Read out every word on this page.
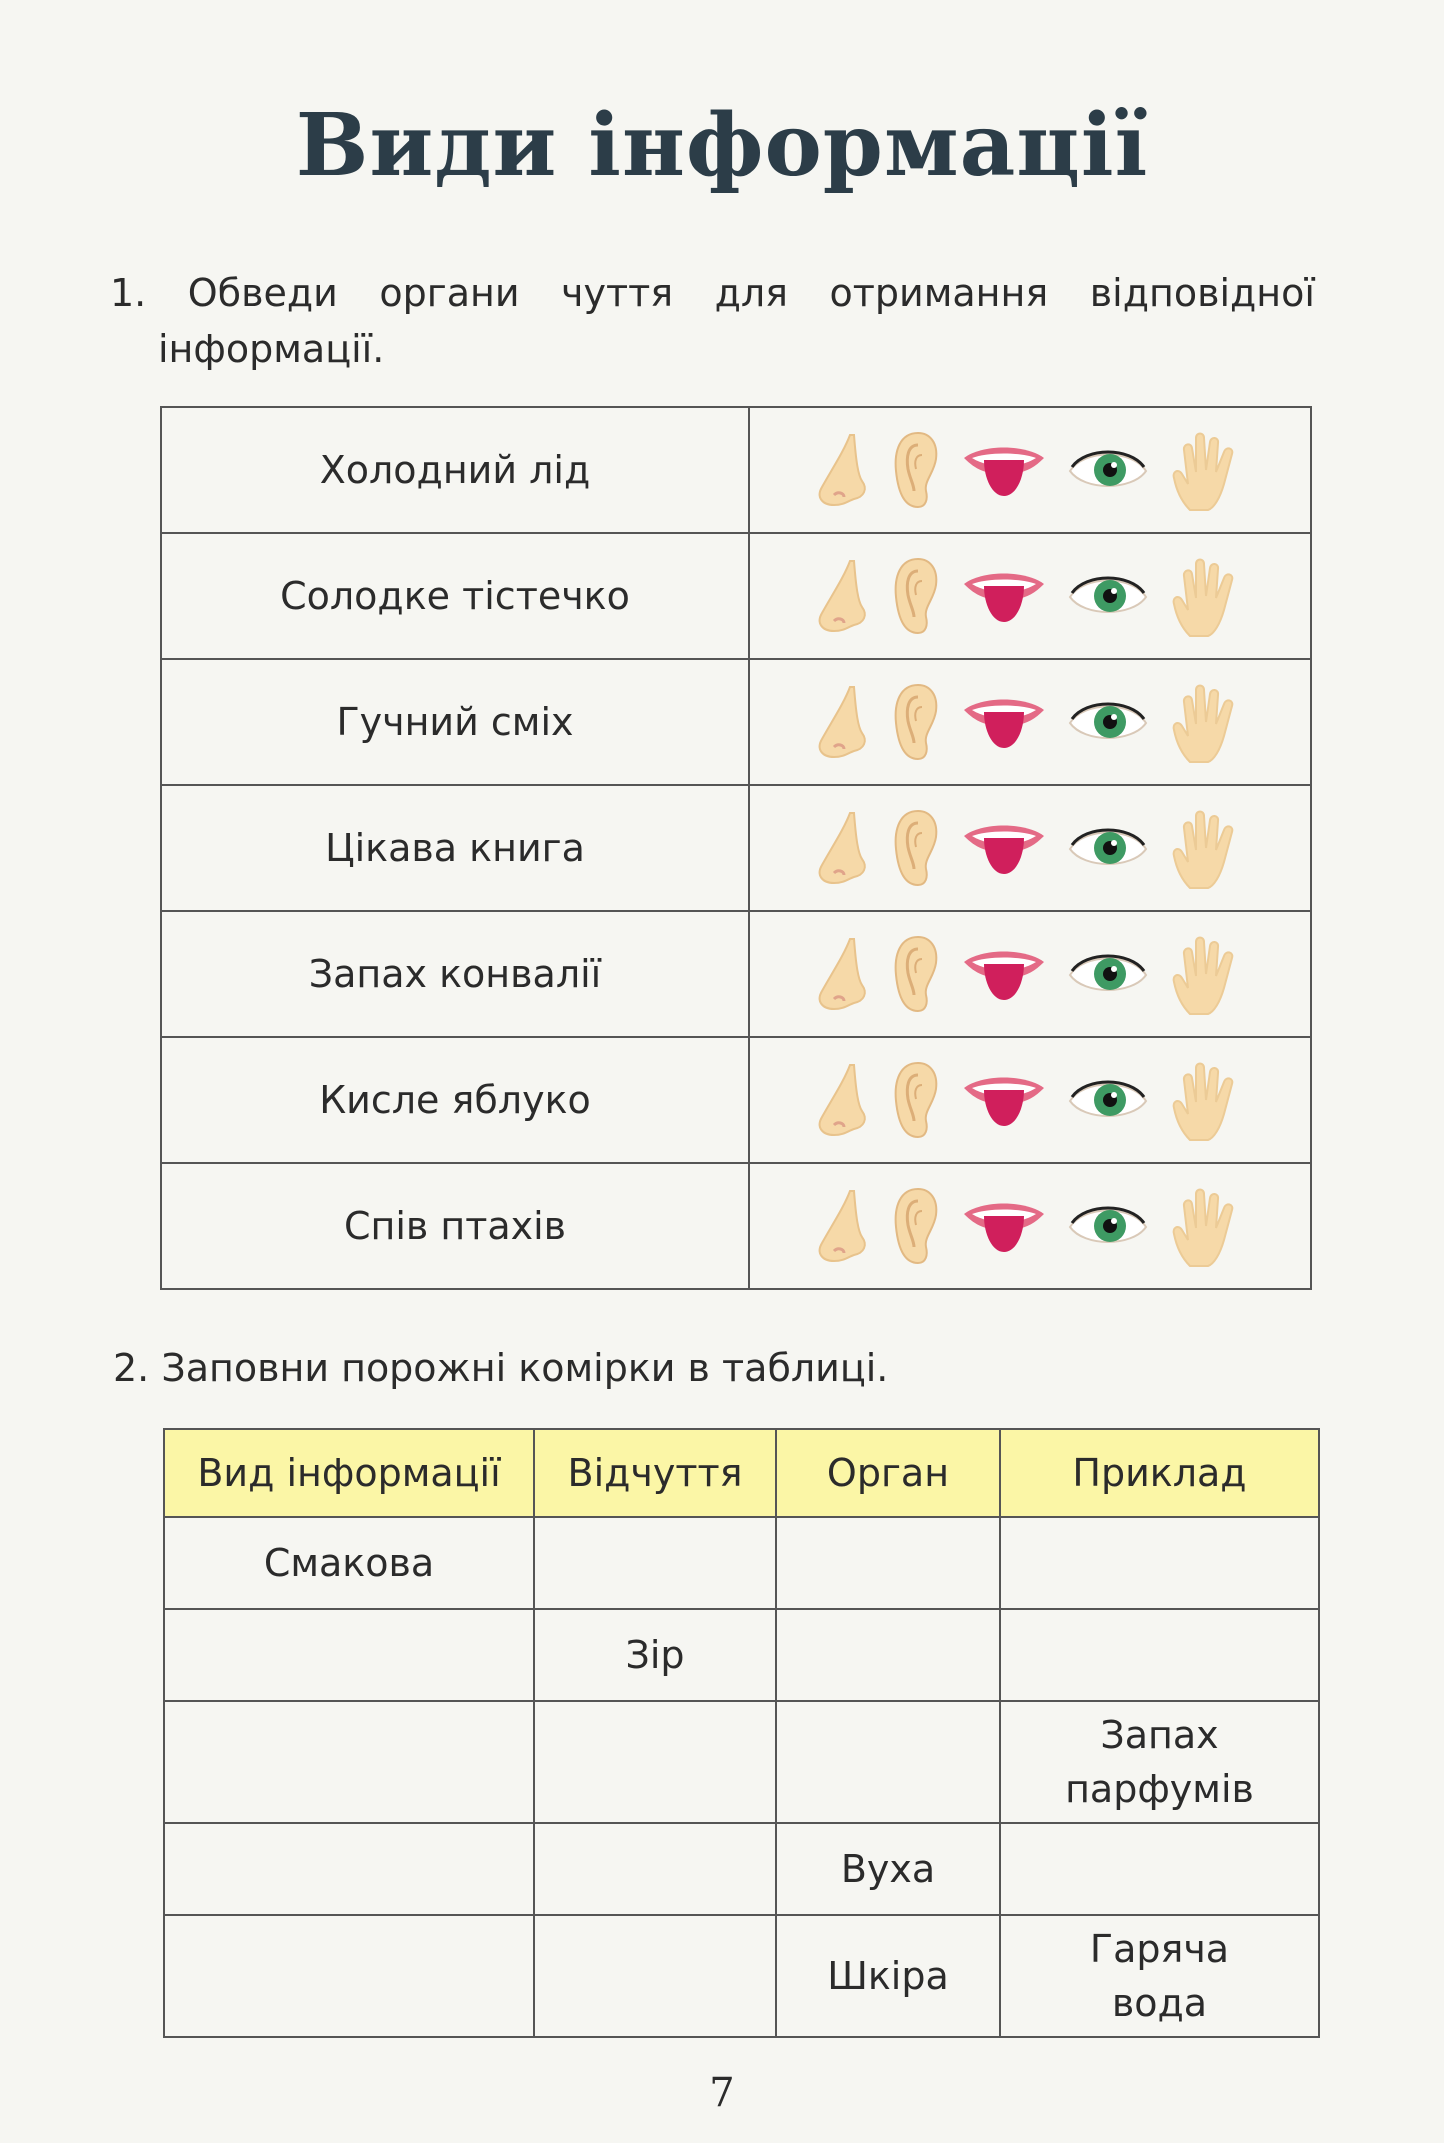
Види інформації
1. Обведи органи чуття для отримання відповідної
інформації.
Холодний лід	

Солодке тістечко	

Гучний сміх	

Цікава книга	

Запах конвалії	

Кисле яблуко	

Спів птахів	
2. Заповни порожні комірки в таблиці.
Вид інформації	Відчуття	Орган	Приклад
Смакова			
	Зір		
			Запах парфумів
		Вуха	
		Шкіра	Гаряча вода
7
